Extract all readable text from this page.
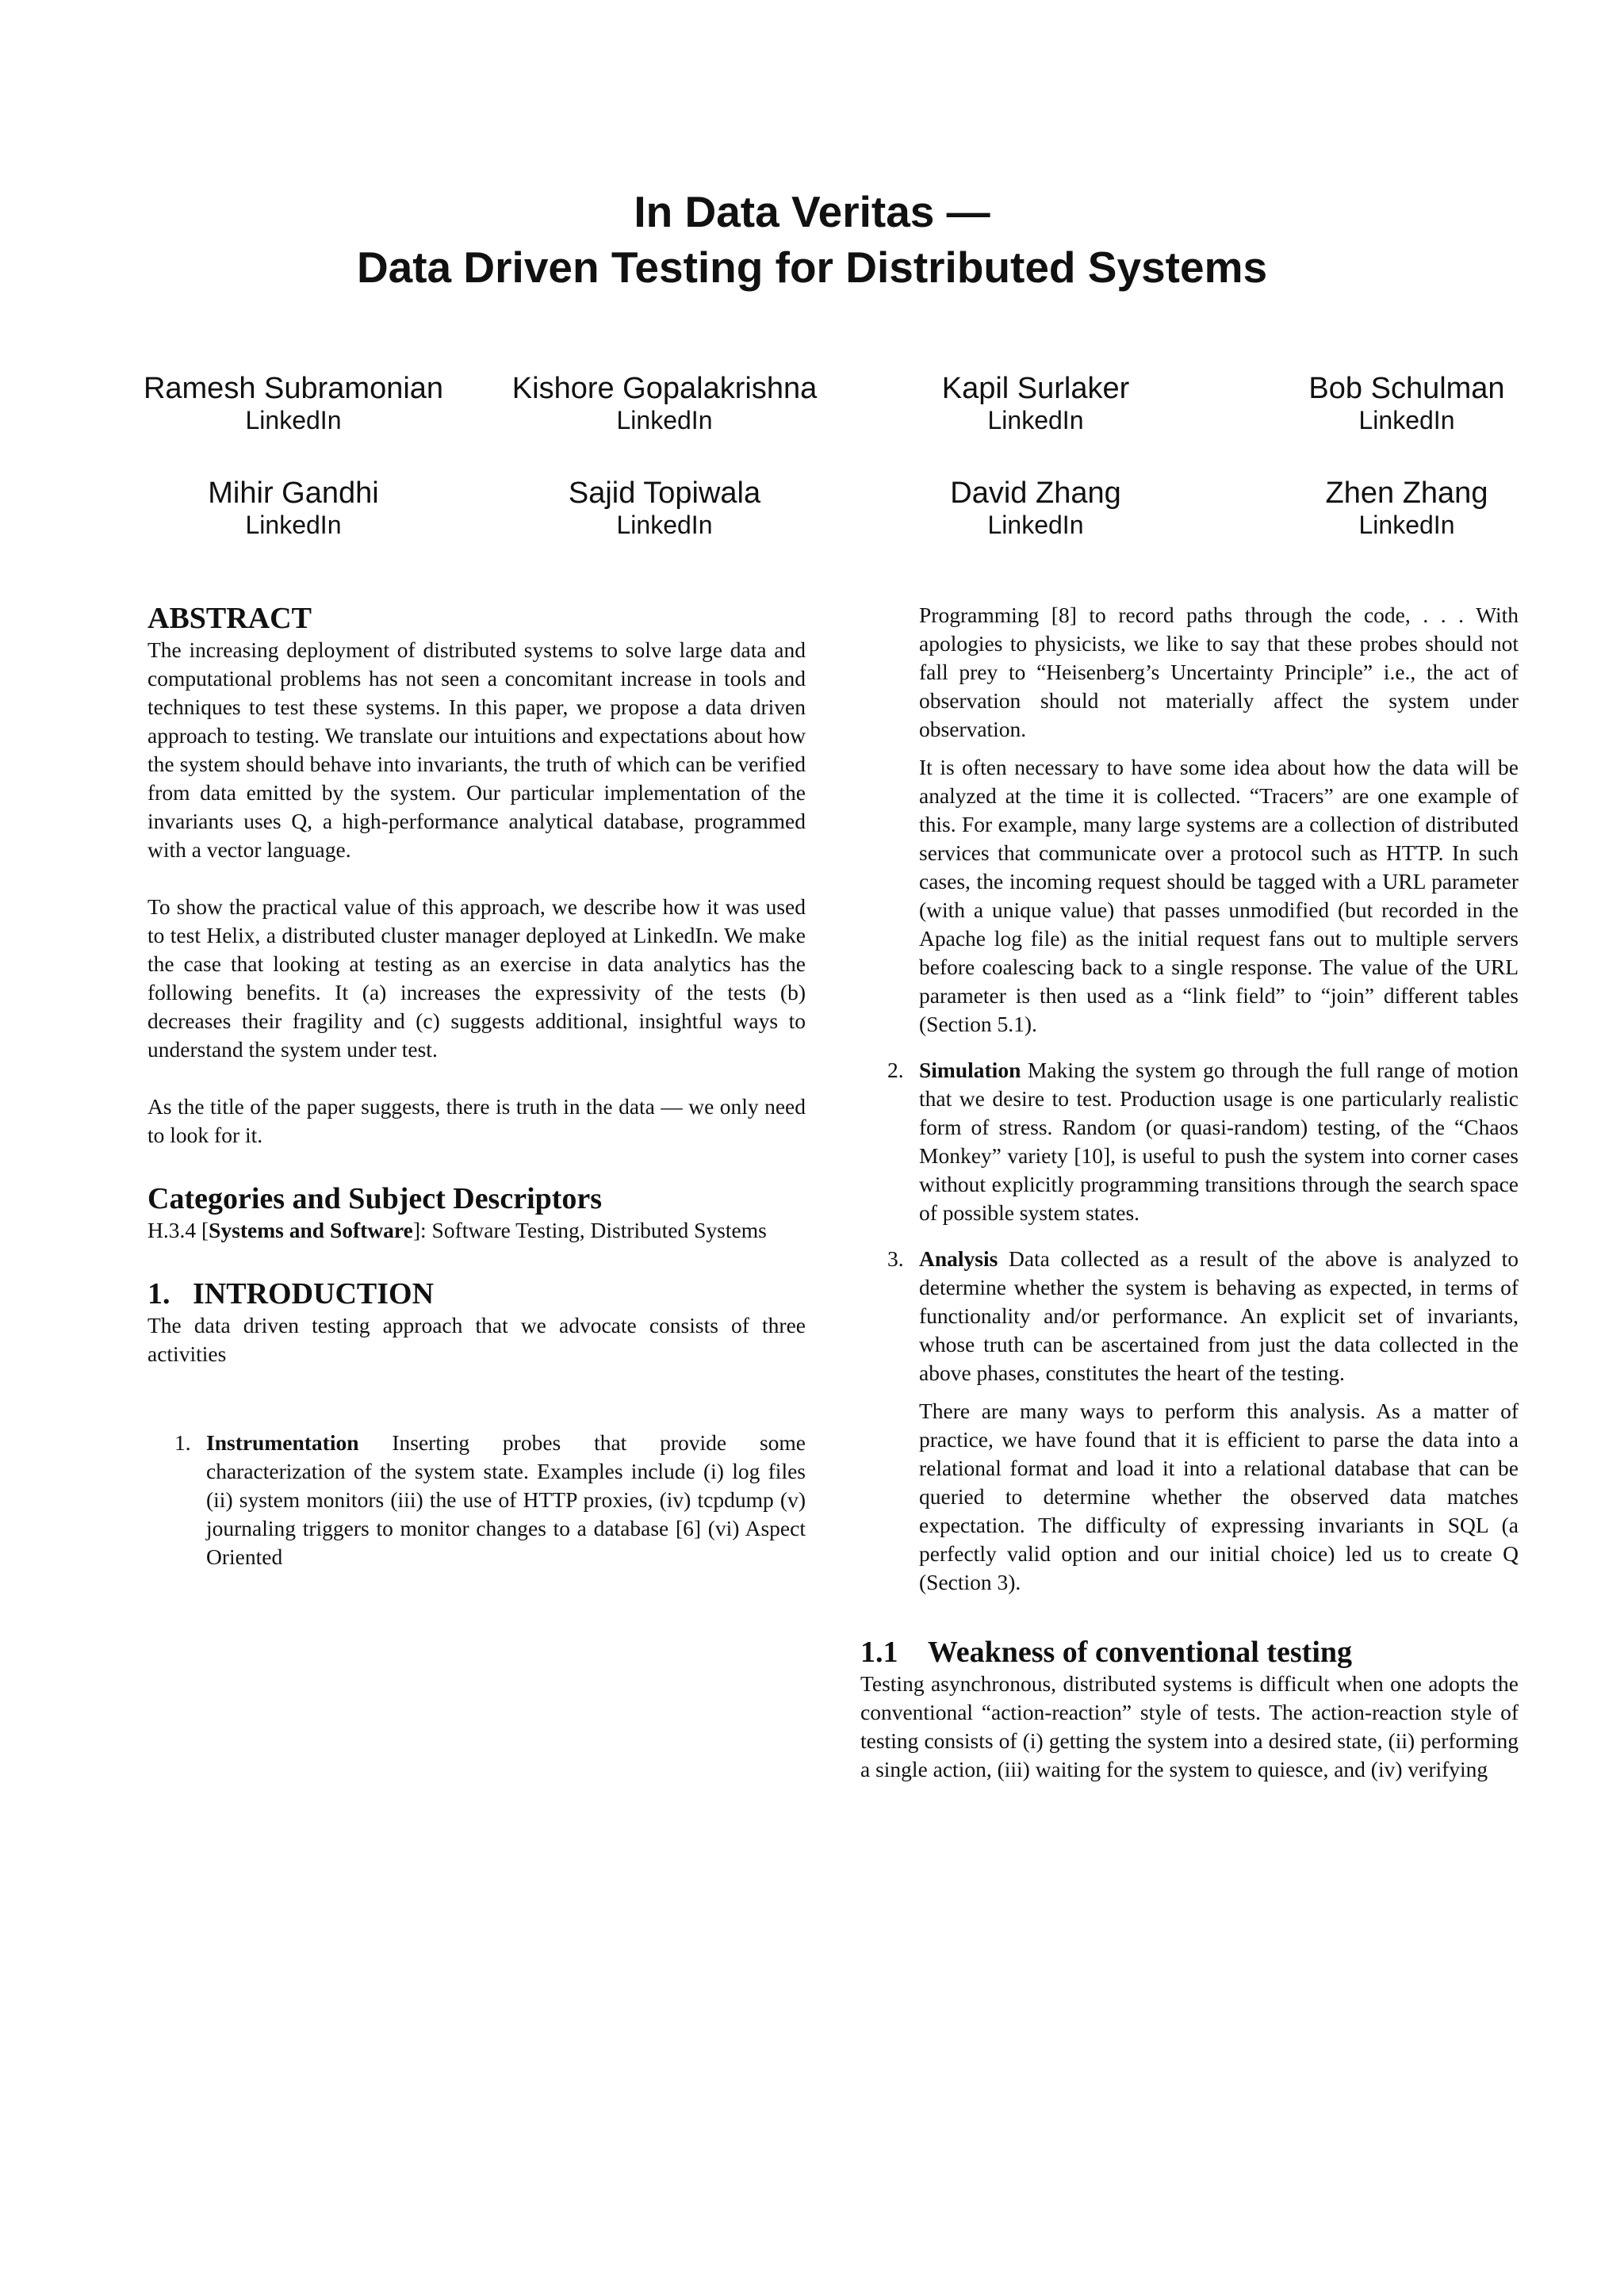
In Data Veritas —
Data Driven Testing for Distributed Systems
Ramesh Subramonian
LinkedIn
Kishore Gopalakrishna
LinkedIn
Kapil Surlaker
LinkedIn
Bob Schulman
LinkedIn
Mihir Gandhi
LinkedIn
Sajid Topiwala
LinkedIn
David Zhang
LinkedIn
Zhen Zhang
LinkedIn
ABSTRACT

The increasing deployment of distributed systems to solve large data and computational problems has not seen a concomitant increase in tools and techniques to test these systems. In this paper, we propose a data driven approach to testing. We translate our intuitions and expectations about how the system should behave into invariants, the truth of which can be verified from data emitted by the system. Our particular implementation of the invariants uses Q, a high-performance analytical database, programmed with a vector language.

To show the practical value of this approach, we describe how it was used to test Helix, a distributed cluster manager deployed at LinkedIn. We make the case that looking at testing as an exercise in data analytics has the following benefits. It (a) increases the expressivity of the tests (b) decreases their fragility and (c) suggests additional, insightful ways to understand the system under test.

As the title of the paper suggests, there is truth in the data — we only need to look for it.

Categories and Subject Descriptors

H.3.4 [Systems and Software]: Software Testing, Distributed Systems

1.   INTRODUCTION

The data driven testing approach that we advocate consists of three activities

1. Instrumentation Inserting probes that provide some characterization of the system state. Examples include (i) log files (ii) system monitors (iii) the use of HTTP proxies, (iv) tcpdump (v) journaling triggers to monitor changes to a database [6] (vi) Aspect Oriented

Programming [8] to record paths through the code, . . . With apologies to physicists, we like to say that these probes should not fall prey to “Heisenberg’s Uncertainty Principle” i.e., the act of observation should not materially affect the system under observation.

It is often necessary to have some idea about how the data will be analyzed at the time it is collected. “Tracers” are one example of this. For example, many large systems are a collection of distributed services that communicate over a protocol such as HTTP. In such cases, the incoming request should be tagged with a URL parameter (with a unique value) that passes unmodified (but recorded in the Apache log file) as the initial request fans out to multiple servers before coalescing back to a single response. The value of the URL parameter is then used as a “link field” to “join” different tables (Section 5.1).

2. Simulation Making the system go through the full range of motion that we desire to test. Production usage is one particularly realistic form of stress. Random (or quasi-random) testing, of the “Chaos Monkey” variety [10], is useful to push the system into corner cases without explicitly programming transitions through the search space of possible system states.
3. Analysis Data collected as a result of the above is analyzed to determine whether the system is behaving as expected, in terms of functionality and/or performance. An explicit set of invariants, whose truth can be ascertained from just the data collected in the above phases, constitutes the heart of the testing.

There are many ways to perform this analysis. As a matter of practice, we have found that it is efficient to parse the data into a relational format and load it into a relational database that can be queried to determine whether the observed data matches expectation. The difficulty of expressing invariants in SQL (a perfectly valid option and our initial choice) led us to create Q (Section 3).

1.1    Weakness of conventional testing

Testing asynchronous, distributed systems is difficult when one adopts the conventional “action-reaction” style of tests. The action-reaction style of testing consists of (i) getting the system into a desired state, (ii) performing a single action, (iii) waiting for the system to quiesce, and (iv) verifying
